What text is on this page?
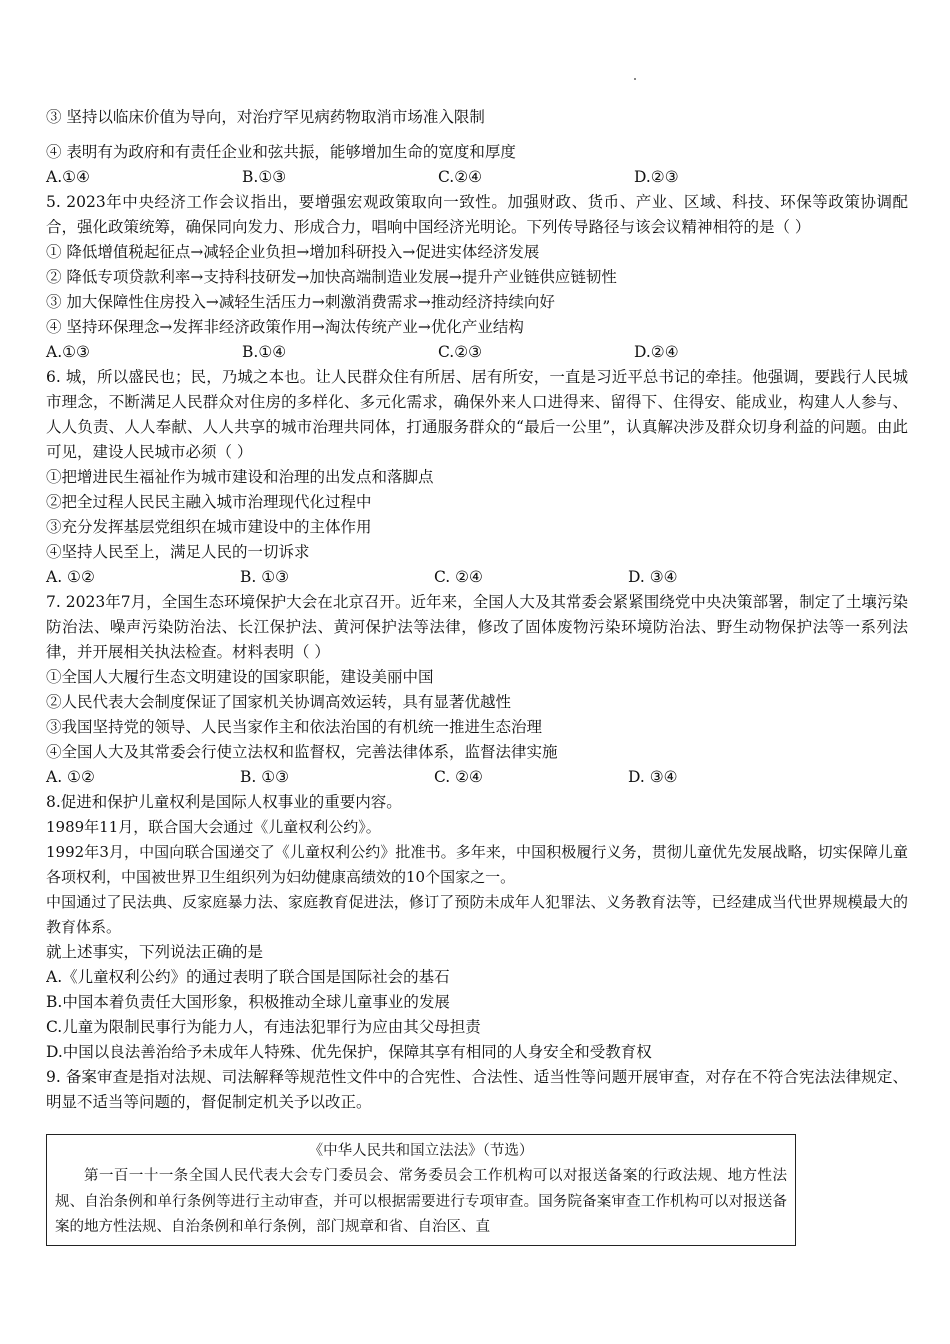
③ 坚持以临床价值为导向，对治疗罕见病药物取消市场准入限制
④ 表明有为政府和有责任企业和弦共振，能够增加生命的宽度和厚度
A.①④	B.①③	C.②④	D.②③
5. 2023年中央经济工作会议指出，要增强宏观政策取向一致性。加强财政、货币、产业、区域、科技、环保等政策协调配合，强化政策统筹，确保同向发力、形成合力，唱响中国经济光明论。下列传导路径与该会议精神相符的是（ ）
① 降低增值税起征点→减轻企业负担→增加科研投入→促进实体经济发展
② 降低专项贷款利率→支持科技研发→加快高端制造业发展→提升产业链供应链韧性
③ 加大保障性住房投入→减轻生活压力→刺激消费需求→推动经济持续向好
④ 坚持环保理念→发挥非经济政策作用→淘汰传统产业→优化产业结构
A.①③	B.①④	C.②③	D.②④
6. 城，所以盛民也；民，乃城之本也。让人民群众住有所居、居有所安，一直是习近平总书记的牵挂。他强调，要践行人民城市理念，不断满足人民群众对住房的多样化、多元化需求，确保外来人口进得来、留得下、住得安、能成业，构建人人参与、人人负责、人人奉献、人人共享的城市治理共同体，打通服务群众的“最后一公里”，认真解决涉及群众切身利益的问题。由此可见，建设人民城市必须（ ）
①把增进民生福祉作为城市建设和治理的出发点和落脚点
②把全过程人民民主融入城市治理现代化过程中
③充分发挥基层党组织在城市建设中的主体作用
④坚持人民至上，满足人民的一切诉求
A. ①②	B. ①③	C. ②④	D. ③④
7. 2023年7月，全国生态环境保护大会在北京召开。近年来，全国人大及其常委会紧紧围绕党中央决策部署，制定了土壤污染防治法、噪声污染防治法、长江保护法、黄河保护法等法律，修改了固体废物污染环境防治法、野生动物保护法等一系列法律，并开展相关执法检查。材料表明（ ）
①全国人大履行生态文明建设的国家职能，建设美丽中国
②人民代表大会制度保证了国家机关协调高效运转，具有显著优越性
③我国坚持党的领导、人民当家作主和依法治国的有机统一推进生态治理
④全国人大及其常委会行使立法权和监督权，完善法律体系，监督法律实施
A. ①②	B. ①③	C. ②④	D. ③④
8.促进和保护儿童权利是国际人权事业的重要内容。
1989年11月，联合国大会通过《儿童权利公约》。
1992年3月，中国向联合国递交了《儿童权利公约》批准书。多年来，中国积极履行义务，贯彻儿童优先发展战略，切实保障儿童各项权利，中国被世界卫生组织列为妇幼健康高绩效的10个国家之一。
中国通过了民法典、反家庭暴力法、家庭教育促进法，修订了预防未成年人犯罪法、义务教育法等，已经建成当代世界规模最大的教育体系。
就上述事实，下列说法正确的是
A.《儿童权利公约》的通过表明了联合国是国际社会的基石
B.中国本着负责任大国形象，积极推动全球儿童事业的发展
C.儿童为限制民事行为能力人，有违法犯罪行为应由其父母担责
D.中国以良法善治给予未成年人特殊、优先保护，保障其享有相同的人身安全和受教育权
9. 备案审查是指对法规、司法解释等规范性文件中的合宪性、合法性、适当性等问题开展审查，对存在不符合宪法法律规定、明显不适当等问题的，督促制定机关予以改正。
《中华人民共和国立法法》（节选）
第一百一十一条全国人民代表大会专门委员会、常务委员会工作机构可以对报送备案的行政法规、地方性法规、自治条例和单行条例等进行主动审查，并可以根据需要进行专项审查。国务院备案审查工作机构可以对报送备案的地方性法规、自治条例和单行条例，部门规章和省、自治区、直
